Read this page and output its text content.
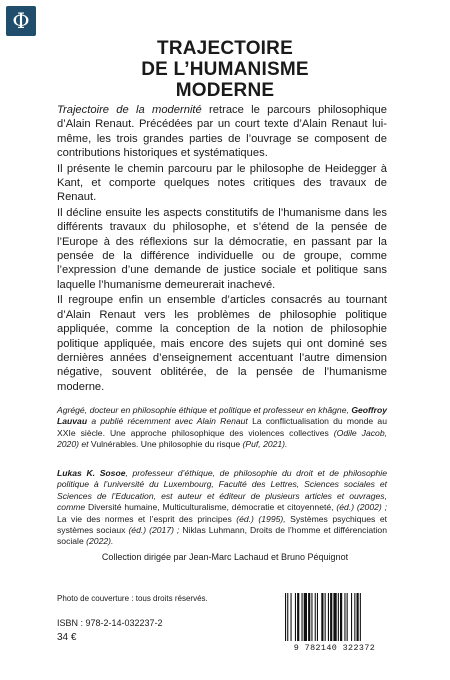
Φ
TRAJECTOIRE
DE L’HUMANISME
MODERNE

Trajectoire de la modernité retrace le parcours philosophique d’Alain Renaut. Précédées par un court texte d’Alain Renaut lui-même, les trois grandes parties de l’ouvrage se composent de contributions historiques et systématiques.

Il présente le chemin parcouru par le philosophe de Heidegger à Kant, et comporte quelques notes critiques des travaux de Renaut.

Il décline ensuite les aspects constitutifs de l’humanisme dans les différents travaux du philosophe, et s’étend de la pensée de l’Europe à des réflexions sur la démocratie, en passant par la pensée de la différence individuelle ou de groupe, comme l’expression d’une demande de justice sociale et politique sans laquelle l’humanisme demeurerait inachevé.

Il regroupe enfin un ensemble d’articles consacrés au tournant d’Alain Renaut vers les problèmes de philosophie politique appliquée, comme la conception de la notion de philosophie politique appliquée, mais encore des sujets qui ont dominé ses dernières années d’enseignement accentuant l’autre dimension négative, souvent oblitérée, de la pensée de l’humanisme moderne.

Agrégé, docteur en philosophie éthique et politique et professeur en khâgne, Geoffroy Lauvau a publié récemment avec Alain Renaut La conflictualisation du monde au XXIe siècle. Une approche philosophique des violences collectives (Odile Jacob, 2020) et Vulnérables. Une philosophie du risque (Puf, 2021).
Lukas K. Sosoe, professeur d’éthique, de philosophie du droit et de philosophie politique à l’université du Luxembourg, Faculté des Lettres, Sciences sociales et Sciences de l’Education, est auteur et éditeur de plusieurs articles et ouvrages, comme Diversité humaine, Multiculturalisme, démocratie et citoyenneté, (éd.) (2002) ; La vie des normes et l’esprit des principes (éd.) (1995), Systèmes psychiques et systèmes sociaux (éd.) (2017) ; Niklas Luhmann, Droits de l’homme et différenciation sociale (2022).
Collection dirigée par Jean-Marc Lachaud et Bruno Péquignot
Photo de couverture : tous droits réservés.
ISBN : 978-2-14-032237-2
34 €
9 782140 322372
